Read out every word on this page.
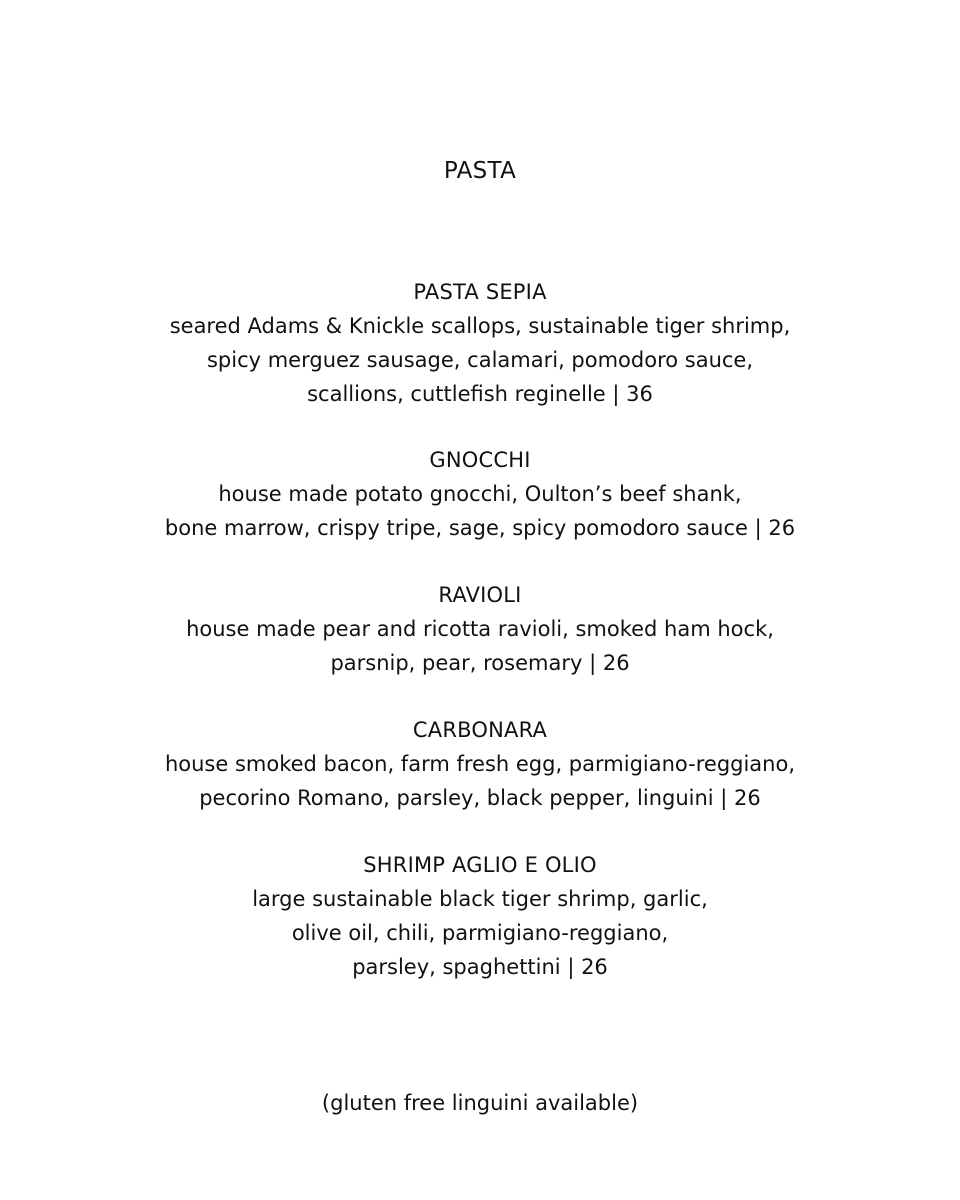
PASTA
PASTA SEPIA
seared Adams & Knickle scallops, sustainable tiger shrimp,
spicy merguez sausage, calamari, pomodoro sauce,
scallions, cuttlefish reginelle | 36
GNOCCHI
house made potato gnocchi, Oulton’s beef shank,
bone marrow, crispy tripe, sage, spicy pomodoro sauce | 26
RAVIOLI
house made pear and ricotta ravioli, smoked ham hock,
parsnip, pear, rosemary | 26
CARBONARA
house smoked bacon, farm fresh egg, parmigiano-reggiano,
pecorino Romano, parsley, black pepper, linguini | 26
SHRIMP AGLIO E OLIO
large sustainable black tiger shrimp, garlic,
olive oil, chili, parmigiano-reggiano,
parsley, spaghettini | 26
(gluten free linguini available)
